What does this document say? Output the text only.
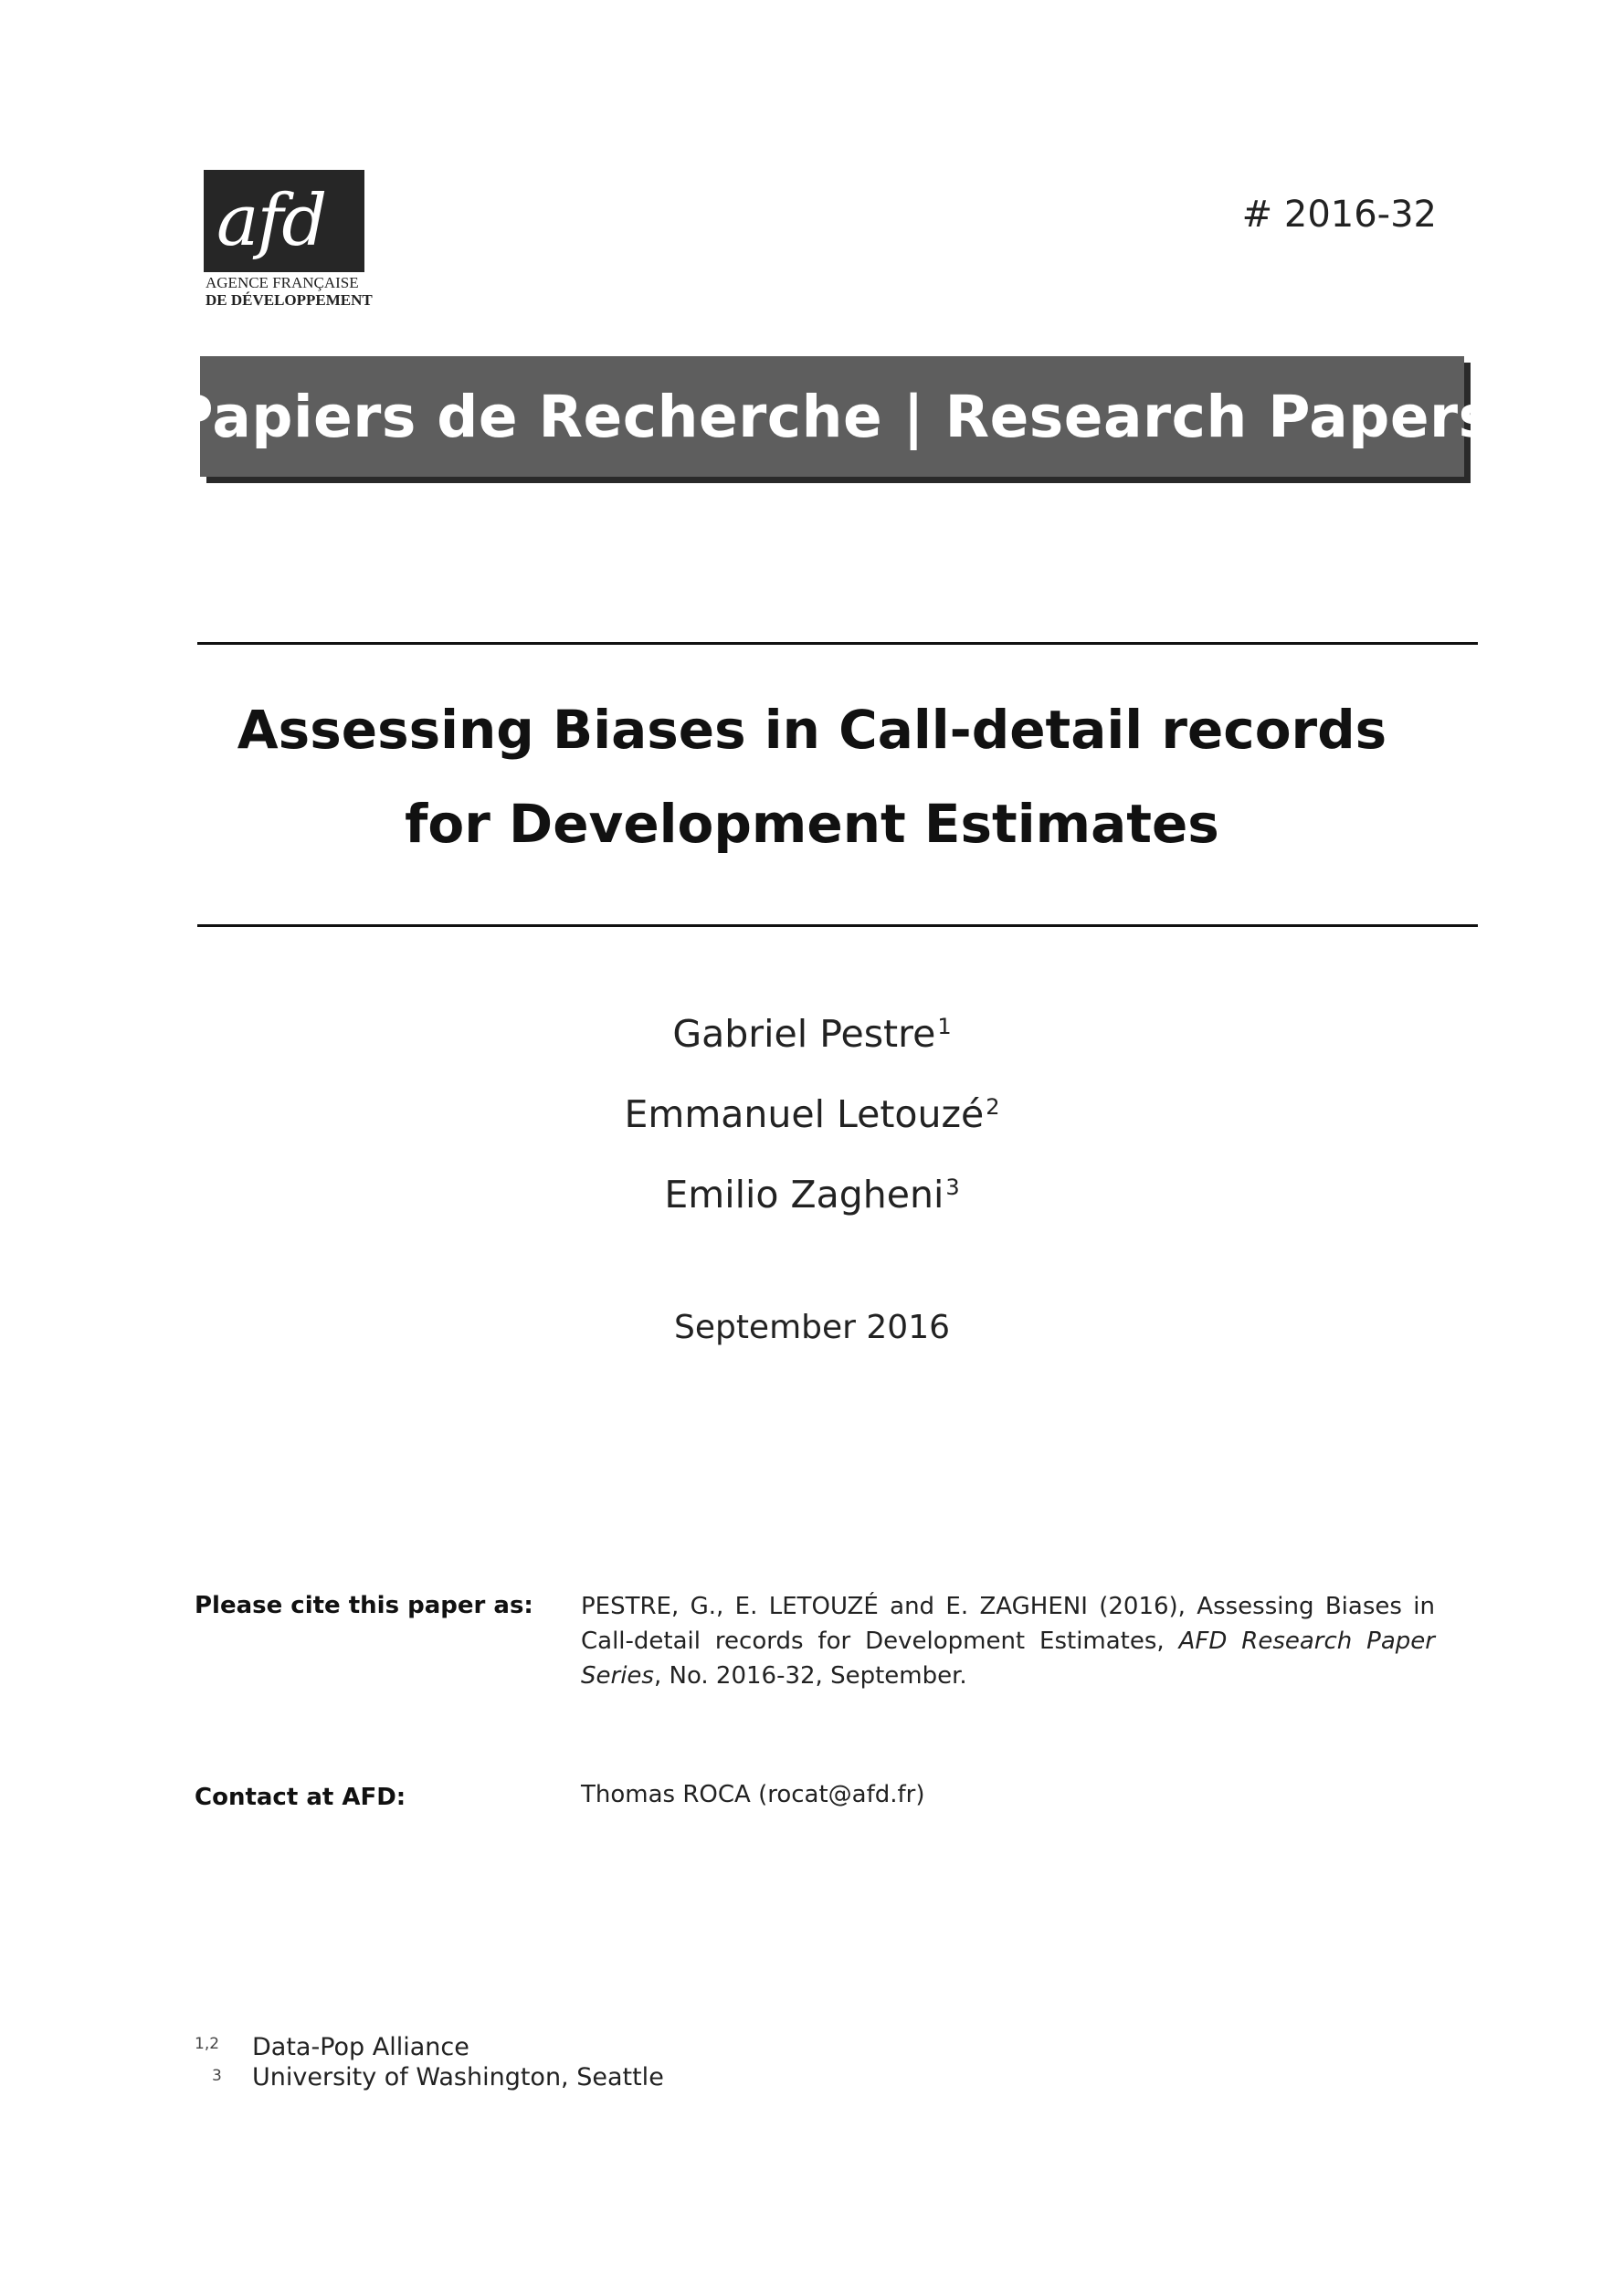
afd
AGENCE FRANÇAISE
DE DÉVELOPPEMENT
# 2016-32
Papiers de Recherche | Research Papers
Assessing Biases in Call-detail records
for Development Estimates
Gabriel Pestre$^1$
Emmanuel Letouzé$^2$
Emilio Zagheni$^3$
September 2016
Please cite this paper as: PESTRE, G., E. LETOUZÉ and E. ZAGHENI (2016), Assessing Biases in Call-detail records for Development Estimates, AFD Research Paper Series, No. 2016-32, September.
Contact at AFD:	Thomas ROCA (rocat@afd.fr)
1,2 Data-Pop Alliance
3 University of Washington, Seattle
